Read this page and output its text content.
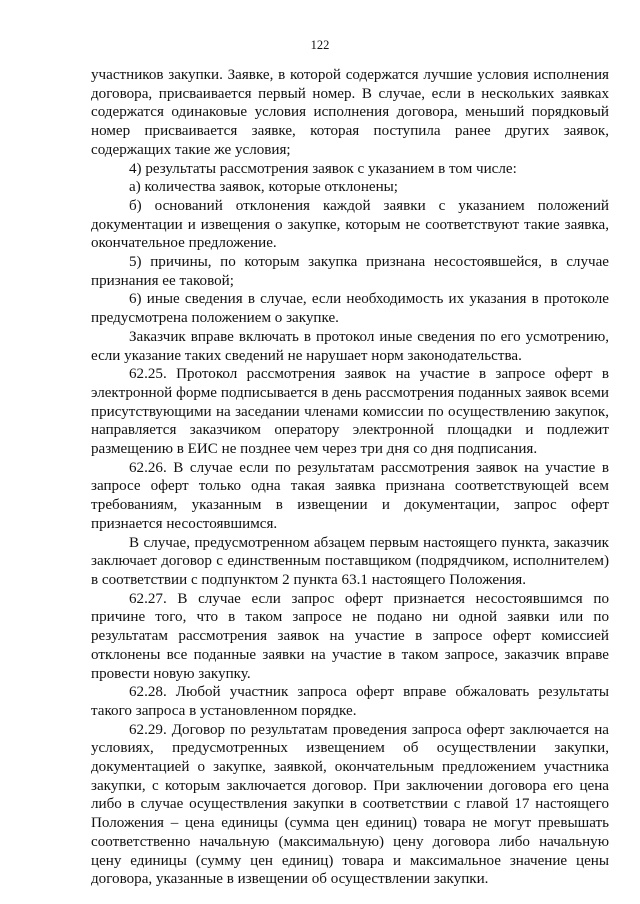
122

участников закупки. Заявке, в которой содержатся лучшие условия исполнения договора, присваивается первый номер. В случае, если в нескольких заявках содержатся одинаковые условия исполнения договора, меньший порядковый номер присваивается заявке, которая поступила ранее других заявок, содержащих такие же условия;

4) результаты рассмотрения заявок с указанием в том числе:

а) количества заявок, которые отклонены;

б) оснований отклонения каждой заявки с указанием положений документации и извещения о закупке, которым не соответствуют такие заявка, окончательное предложение.

5) причины, по которым закупка признана несостоявшейся, в случае признания ее таковой;

6) иные сведения в случае, если необходимость их указания в протоколе предусмотрена положением о закупке.

Заказчик вправе включать в протокол иные сведения по его усмотрению, если указание таких сведений не нарушает норм законодательства.

62.25. Протокол рассмотрения заявок на участие в запросе оферт в электронной форме подписывается в день рассмотрения поданных заявок всеми присутствующими на заседании членами комиссии по осуществлению закупок, направляется заказчиком оператору электронной площадки и подлежит размещению в ЕИС не позднее чем через три дня со дня подписания.

62.26. В случае если по результатам рассмотрения заявок на участие в запросе оферт только одна такая заявка признана соответствующей всем требованиям, указанным в извещении и документации, запрос оферт признается несостоявшимся.

В случае, предусмотренном абзацем первым настоящего пункта, заказчик заключает договор с единственным поставщиком (подрядчиком, исполнителем) в соответствии с подпунктом 2 пункта 63.1 настоящего Положения.

62.27. В случае если запрос оферт признается несостоявшимся по причине того, что в таком запросе не подано ни одной заявки или по результатам рассмотрения заявок на участие в запросе оферт комиссией отклонены все поданные заявки на участие в таком запросе, заказчик вправе провести новую закупку.

62.28. Любой участник запроса оферт вправе обжаловать результаты такого запроса в установленном порядке.

62.29. Договор по результатам проведения запроса оферт заключается на условиях, предусмотренных извещением об осуществлении закупки, документацией о закупке, заявкой, окончательным предложением участника закупки, с которым заключается договор. При заключении договора его цена либо в случае осуществления закупки в соответствии с главой 17 настоящего Положения – цена единицы (сумма цен единиц) товара не могут превышать соответственно начальную (максимальную) цену договора либо начальную цену единицы (сумму цен единиц) товара и максимальное значение цены договора, указанные в извещении об осуществлении закупки.
